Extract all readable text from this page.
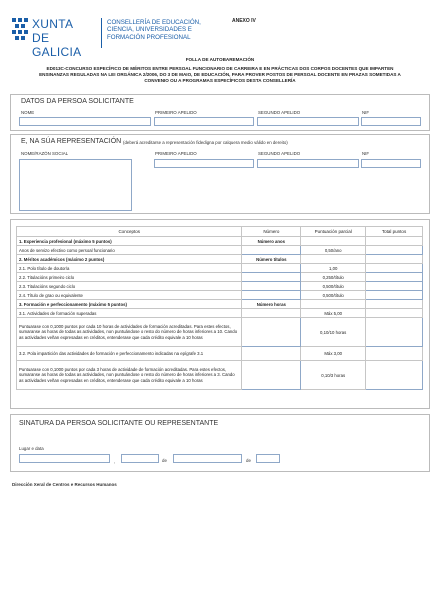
XUNTA
DE GALICIA
CONSELLERÍA DE EDUCACIÓN,
CIENCIA, UNIVERSIDADES E
FORMACIÓN PROFESIONAL
ANEXO IV
FOLLA DE AUTOBAREMACIÓN
ED013C-CONCURSO ESPECÍFICO DE MÉRITOS ENTRE PERSOAL FUNCIONARIO DE CARREIRA E EN PRÁCTICAS DOS CORPOS DOCENTES QUE IMPARTEN
ENSINANZAS REGULADAS NA LEI ORGÁNICA 2/2006, DO 3 DE MAIO, DE EDUCACIÓN, PARA PROVER POSTOS DE PERSOAL DOCENTE EN PRAZAS SOMETIDAS A
CONVENIO OU A PROGRAMAS ESPECÍFICOS DESTA CONSELLERÍA
DATOS DA PERSOA SOLICITANTE
NOME	PRIMEIRO APELIDO	SEGUNDO APELIDO	NIF
E, NA SÚA REPRESENTACIÓN (deberá acreditarse a representación fidedigna por calquera medio válido en dereito)
NOME/RAZÓN SOCIAL	PRIMEIRO APELIDO	SEGUNDO APELIDO	NIF
Conceptos	Número	Puntuación parcial	Total puntos
1. Experiencia profesional (máximo 5 puntos)	Número anos		
Anos de servizo efectivo como persoal funcionario		0,50/ano	
2. Méritos académicos (máximo 2 puntos)	Número títulos		
2.1. Polo título de doutor/a		1,00	
2.2. Titulacións primeiro ciclo		0,250/título	
2.3. Titulacións segundo ciclo		0,500/título	
2.4. Título de grao ou equivalente		0,500/título	
3. Formación e perfeccionamento (máximo 5 puntos)	Número horas		
3.1. Actividades de formación superadas		Máx 5,00	
Puntuarase con 0,1000 puntos por cada 10 horas de actividades de formación acreditadas. Para estes efectos, sumaranse as horas de todas as actividades, non puntuándose o resto do número de horas inferiores a 10. Cando as actividades veñan expresadas en créditos, entenderase que cada crédito equivale a 10 horas		0,10/10 horas	
3.2. Pola impartición das actividades de formación e perfeccionamento indicadas na epígrafe 3.1		Máx 3,00	
Puntuarase con 0,1000 puntos por cada 3 horas de actividade de formación acreditadas. Para estes efectos, sumaranse as horas de todas as actividades, non puntuándose o resto do número de horas inferiores a 3. Cando as actividades veñan expresadas en créditos, entenderase que cada crédito equivale a 10 horas		0,10/3 horas	
SINATURA DA PERSOA SOLICITANTE OU REPRESENTANTE
Lugar e data
,	de	de
Dirección Xeral de Centros e Recursos Humanos
